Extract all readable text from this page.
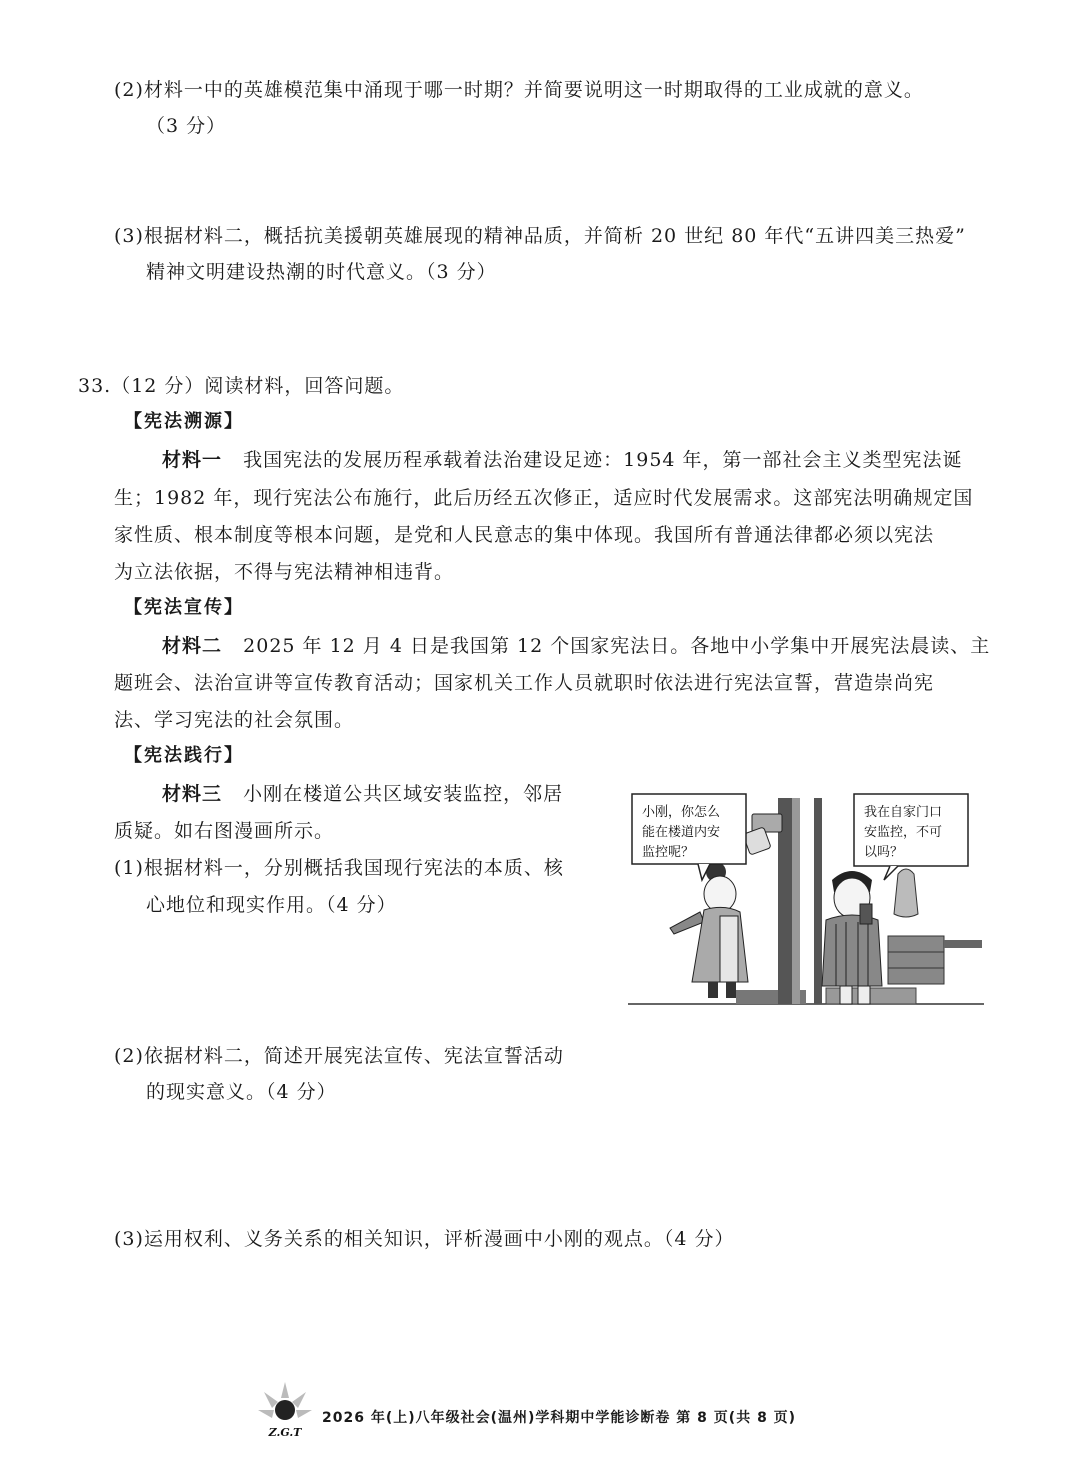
(2)材料一中的英雄模范集中涌现于哪一时期？并简要说明这一时期取得的工业成就的意义。
（3 分）
(3)根据材料二，概括抗美援朝英雄展现的精神品质，并简析 20 世纪 80 年代“五讲四美三热爱”
精神文明建设热潮的时代意义。（3 分）
33.（12 分）阅读材料，回答问题。
【宪法溯源】
材料一 我国宪法的发展历程承载着法治建设足迹：1954 年，第一部社会主义类型宪法诞
生；1982 年，现行宪法公布施行，此后历经五次修正，适应时代发展需求。这部宪法明确规定国
家性质、根本制度等根本问题，是党和人民意志的集中体现。我国所有普通法律都必须以宪法
为立法依据，不得与宪法精神相违背。
【宪法宣传】
材料二 2025 年 12 月 4 日是我国第 12 个国家宪法日。各地中小学集中开展宪法晨读、主
题班会、法治宣讲等宣传教育活动；国家机关工作人员就职时依法进行宪法宣誓，营造崇尚宪
法、学习宪法的社会氛围。
【宪法践行】
材料三 小刚在楼道公共区域安装监控，邻居
质疑。如右图漫画所示。
(1)根据材料一，分别概括我国现行宪法的本质、核
心地位和现实作用。（4 分）
(2)依据材料二，简述开展宪法宣传、宪法宣誓活动
的现实意义。（4 分）
(3)运用权利、义务关系的相关知识，评析漫画中小刚的观点。（4 分）
小刚，你怎么
能在楼道内安
监控呢？
我在自家门口
安监控，不可
以吗？
Z.G.T
2026 年(上)八年级社会(温州)学科期中学能诊断卷 第 8 页(共 8 页)
